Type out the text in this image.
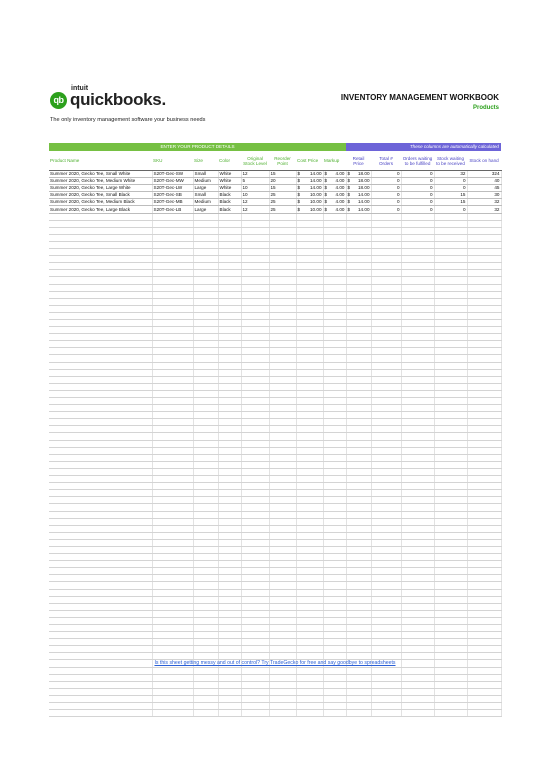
qb
intuit
quickbooks.
The only inventory management software your business needs
INVENTORY MANAGEMENT WORKBOOK
Products
ENTER YOUR PRODUCT DETAILS	These columns are automatically calculated
Product Name	SKU	Size	Color	Original Stock Level	Reorder Point	Cost Price	Markup	Retail Price	Total # Orders	Orders waiting to be fulfilled	Stock waiting to be received	Stock on hand
Summer 2020, Gecko Tee, Small White	S20T-Gec-SW	Small	White	12	15	$ 14.00	$ 4.00	$ 18.00	0	0	32	324
Summer 2020, Gecko Tee, Medium White	S20T-Gec-MW	Medium	White	5	20	$ 14.00	$ 4.00	$ 18.00	0	0	0	40
Summer 2020, Gecko Tee, Large White	S20T-Gec-LW	Large	White	10	15	$ 14.00	$ 4.00	$ 18.00	0	0	0	45
Summer 2020, Gecko Tee, Small Black	S20T-Gec-SB	Small	Black	10	25	$ 10.00	$ 4.00	$ 14.00	0	0	15	30
Summer 2020, Gecko Tee, Medium Black	S20T-Gec-MB	Medium	Black	12	25	$ 10.00	$ 4.00	$ 14.00	0	0	15	32
Summer 2020, Gecko Tee, Large Black	S20T-Gec-LB	Large	Black	12	25	$ 10.00	$ 4.00	$ 14.00	0	0	0	32

Is this sheet getting messy and out of control? Try TradeGecko for free and say goodbye to spreadsheets
